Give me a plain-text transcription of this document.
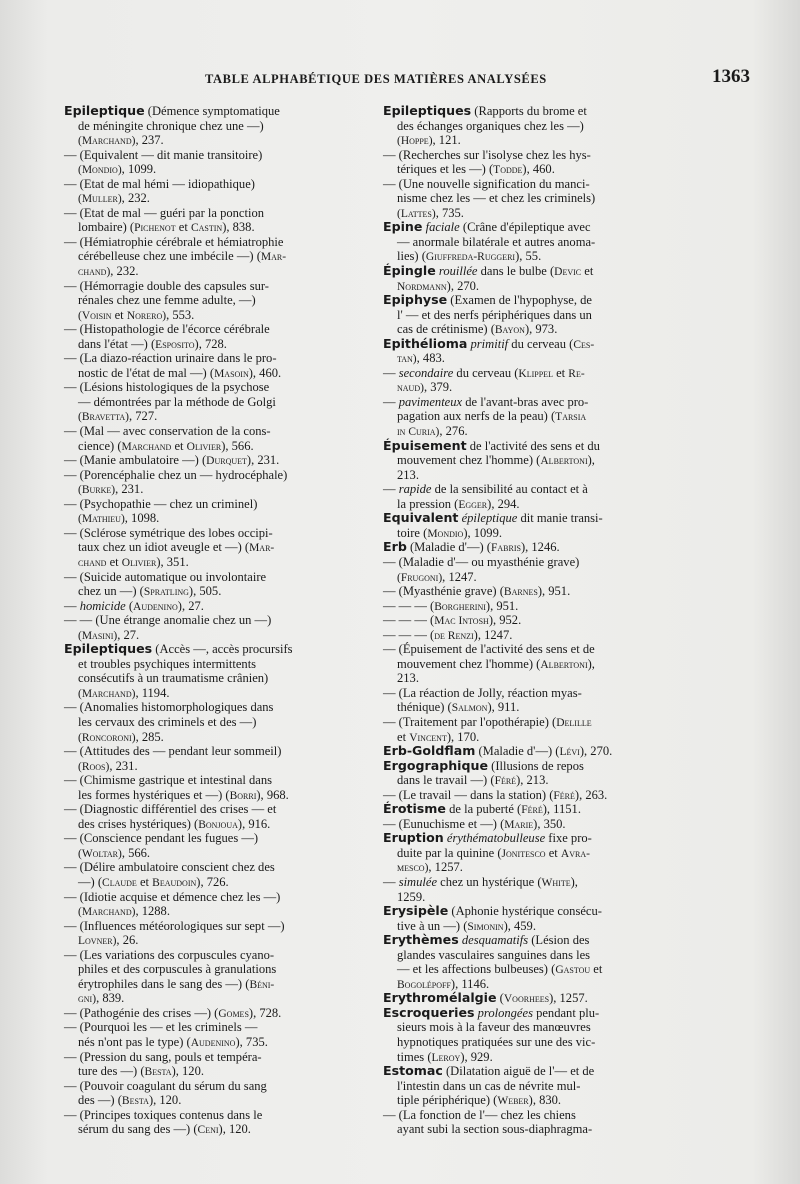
TABLE ALPHABÉTIQUE DES MATIÈRES ANALYSÉES	1363
Epileptique (Démence symptomatique
de méningite chronique chez une —)
(Marchand), 237.
— (Equivalent — dit manie transitoire)
(Mondio), 1099.
— (Etat de mal hémi — idiopathique)
(Muller), 232.
— (Etat de mal — guéri par la ponction
lombaire) (Pichenot et Castin), 838.
— (Hémiatrophie cérébrale et hémiatrophie
cérébelleuse chez une imbécile —) (Mar-
chand), 232.
— (Hémorragie double des capsules sur-
rénales chez une femme adulte, —)
(Voisin et Norero), 553.
— (Histopathologie de l'écorce cérébrale
dans l'état —) (Esposito), 728.
— (La diazo-réaction urinaire dans le pro-
nostic de l'état de mal —) (Masoin), 460.
— (Lésions histologiques de la psychose
— démontrées par la méthode de Golgi
(Bravetta), 727.
— (Mal — avec conservation de la cons-
cience) (Marchand et Olivier), 566.
— (Manie ambulatoire —) (Durquet), 231.
— (Porencéphalie chez un — hydrocéphale)
(Burke), 231.
— (Psychopathie — chez un criminel)
(Mathieu), 1098.
— (Sclérose symétrique des lobes occipi-
taux chez un idiot aveugle et —) (Mar-
chand et Olivier), 351.
— (Suicide automatique ou involontaire
chez un —) (Spratling), 505.
— homicide (Audenino), 27.
— — (Une étrange anomalie chez un —)
(Masini), 27.
Epileptiques (Accès —, accès procursifs
et troubles psychiques intermittents
consécutifs à un traumatisme crânien)
(Marchand), 1194.
— (Anomalies histomorphologiques dans
les cervaux des criminels et des —)
(Roncoroni), 285.
— (Attitudes des — pendant leur sommeil)
(Roos), 231.
— (Chimisme gastrique et intestinal dans
les formes hystériques et —) (Borri), 968.
— (Diagnostic différentiel des crises — et
des crises hystériques) (Bonjoua), 916.
— (Conscience pendant les fugues —)
(Woltar), 566.
— (Délire ambulatoire conscient chez des
—) (Claude et Beaudoin), 726.
— (Idiotie acquise et démence chez les —)
(Marchand), 1288.
— (Influences météorologiques sur sept —)
Lovner), 26.
— (Les variations des corpuscules cyano-
philes et des corpuscules à granulations
érytrophiles dans le sang des —) (Béni-
gni), 839.
— (Pathogénie des crises —) (Gomes), 728.
— (Pourquoi les — et les criminels —
nés n'ont pas le type) (Audenino), 735.
— (Pression du sang, pouls et tempéra-
ture des —) (Besta), 120.
— (Pouvoir coagulant du sérum du sang
des —) (Besta), 120.
— (Principes toxiques contenus dans le
sérum du sang des —) (Ceni), 120.
Epileptiques (Rapports du brome et
des échanges organiques chez les —)
(Hoppe), 121.
— (Recherches sur l'isolyse chez les hys-
tériques et les —) (Todde), 460.
— (Une nouvelle signification du manci-
nisme chez les — et chez les criminels)
(Lattes), 735.
Epine faciale (Crâne d'épileptique avec
— anormale bilatérale et autres anoma-
lies) (Giuffreda-Ruggeri), 55.
Épingle rouillée dans le bulbe (Devic et
Nordmann), 270.
Epiphyse (Examen de l'hypophyse, de
l' — et des nerfs périphériques dans un
cas de crétinisme) (Bayon), 973.
Epithélioma primitif du cerveau (Ces-
tan), 483.
— secondaire du cerveau (Klippel et Re-
naud), 379.
— pavimenteux de l'avant-bras avec pro-
pagation aux nerfs de la peau) (Tarsia
in Curia), 276.
Épuisement de l'activité des sens et du
mouvement chez l'homme) (Albertoni),
213.
— rapide de la sensibilité au contact et à
la pression (Egger), 294.
Equivalent épileptique dit manie transi-
toire (Mondio), 1099.
Erb (Maladie d'—) (Fabris), 1246.
— (Maladie d'— ou myasthénie grave)
(Frugoni), 1247.
— (Myasthénie grave) (Barnes), 951.
— — — (Borgherini), 951.
— — — (Mac Intosh), 952.
— — — (de Renzi), 1247.
— (Épuisement de l'activité des sens et de
mouvement chez l'homme) (Albertoni),
213.
— (La réaction de Jolly, réaction myas-
thénique) (Salmon), 911.
— (Traitement par l'opothérapie) (Delille
et Vincent), 170.
Erb-Goldflam (Maladie d'—) (Lévi), 270.
Ergographique (Illusions de repos
dans le travail —) (Féré), 213.
— (Le travail — dans la station) (Féré), 263.
Érotisme de la puberté (Féré), 1151.
— (Eunuchisme et —) (Marie), 350.
Eruption érythématobulleuse fixe pro-
duite par la quinine (Jonitesco et Avra-
mesco), 1257.
— simulée chez un hystérique (White),
1259.
Erysipèle (Aphonie hystérique consécu-
tive à un —) (Simonin), 459.
Erythèmes desquamatifs (Lésion des
glandes vasculaires sanguines dans les
— et les affections bulbeuses) (Gastou et
Bogolépoff), 1146.
Erythromélalgie (Voorhees), 1257.
Escroqueries prolongées pendant plu-
sieurs mois à la faveur des manœuvres
hypnotiques pratiquées sur une des vic-
times (Leroy), 929.
Estomac (Dilatation aiguë de l'— et de
l'intestin dans un cas de névrite mul-
tiple périphérique) (Weber), 830.
— (La fonction de l'— chez les chiens
ayant subi la section sous-diaphragma-
